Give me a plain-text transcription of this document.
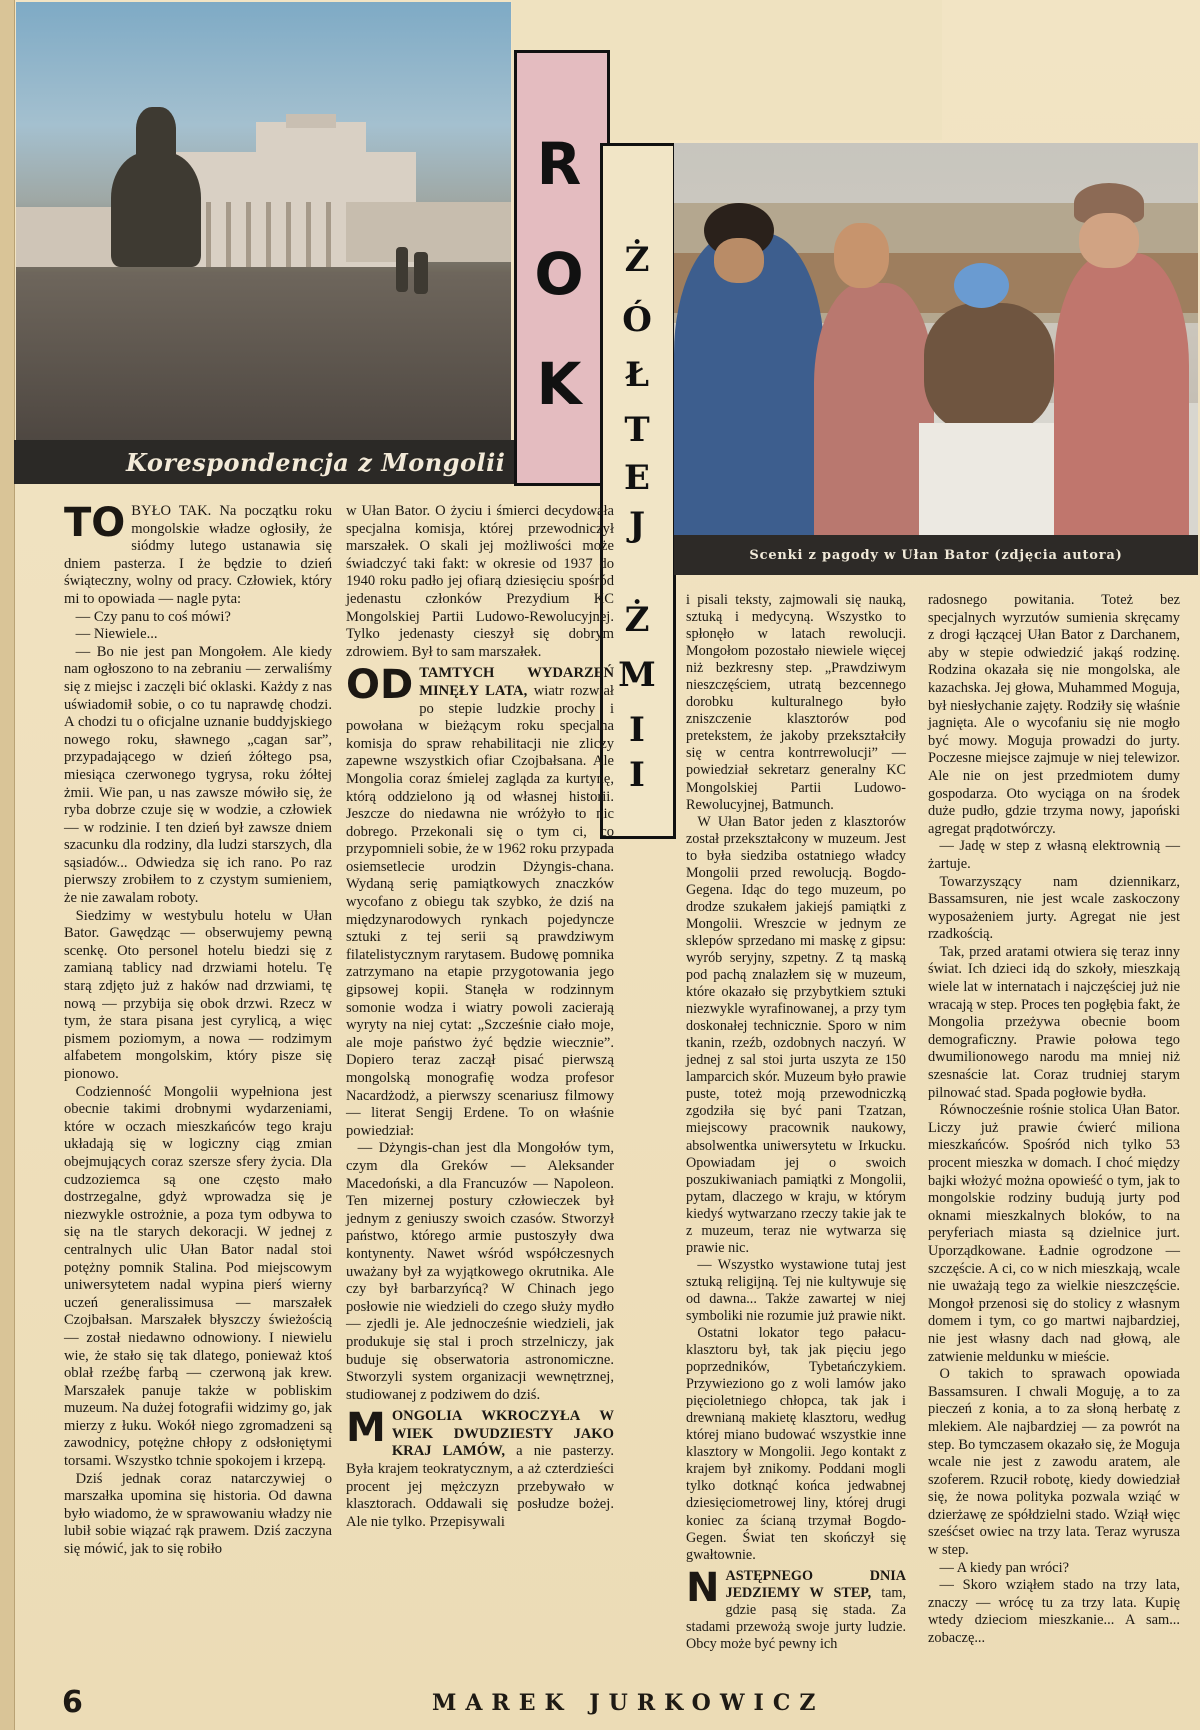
Korespondencja z Mongolii
R
O
K
Ż
Ó
Ł
T
E
J
Ż
M
I
I
Scenki z pagody w Ułan Bator (zdjęcia autora)

TO BYŁO TAK. Na początku roku mongolskie władze ogłosiły, że siódmy lutego ustanawia się dniem pasterza. I że będzie to dzień świąteczny, wolny od pracy. Człowiek, który mi to opowiada — nagle pyta:

— Czy panu to coś mówi?

— Niewiele...

— Bo nie jest pan Mongołem. Ale kiedy nam ogłoszono to na zebraniu — zerwaliśmy się z miejsc i zaczęli bić oklaski. Każdy z nas uświadomił sobie, o co tu naprawdę chodzi. A chodzi tu o oficjalne uznanie buddyjskiego nowego roku, sławnego „cagan sar”, przypadającego w dzień żółtego psa, miesiąca czerwonego tygrysa, roku żółtej żmii. Wie pan, u nas zawsze mówiło się, że ryba dobrze czuje się w wodzie, a człowiek — w rodzinie. I ten dzień był zawsze dniem szacunku dla rodziny, dla ludzi starszych, dla sąsiadów... Odwiedza się ich rano. Po raz pierwszy zrobiłem to z czystym sumieniem, że nie zawalam roboty.

Siedzimy w westybulu hotelu w Ułan Bator. Gawędząc — obserwujemy pewną scenkę. Oto personel hotelu biedzi się z zamianą tablicy nad drzwiami hotelu. Tę starą zdjęto już z haków nad drzwiami, tę nową — przybija się obok drzwi. Rzecz w tym, że stara pisana jest cyrylicą, a więc pismem poziomym, a nowa — rodzimym alfabetem mongolskim, który pisze się pionowo.

Codzienność Mongolii wypełniona jest obecnie takimi drobnymi wydarzeniami, które w oczach mieszkańców tego kraju układają się w logiczny ciąg zmian obejmujących coraz szersze sfery życia. Dla cudzoziemca są one często mało dostrzegalne, gdyż wprowadza się je niezwykle ostrożnie, a poza tym odbywa to się na tle starych dekoracji. W jednej z centralnych ulic Ułan Bator nadal stoi potężny pomnik Stalina. Pod miejscowym uniwersytetem nadal wypina pierś wierny uczeń generalissimusa — marszałek Czojbałsan. Marszałek błyszczy świeżością — został niedawno odnowiony. I niewielu wie, że stało się tak dlatego, ponieważ ktoś oblał rzeźbę farbą — czerwoną jak krew. Marszałek panuje także w pobliskim muzeum. Na dużej fotografii widzimy go, jak mierzy z łuku. Wokół niego zgromadzeni są zawodnicy, potężne chłopy z odsłoniętymi torsami. Wszystko tchnie spokojem i krzepą.

Dziś jednak coraz natarczywiej o marszałka upomina się historia. Od dawna było wiadomo, że w sprawowaniu władzy nie lubił sobie wiązać rąk prawem. Dziś zaczyna się mówić, jak to się robiło

w Ułan Bator. O życiu i śmierci decydowała specjalna komisja, której przewodniczył marszałek. O skali jej możliwości może świadczyć taki fakt: w okresie od 1937 do 1940 roku padło jej ofiarą dziesięciu spośród jedenastu członków Prezydium KC Mongolskiej Partii Ludowo-Rewolucyjnej. Tylko jedenasty cieszył się dobrym zdrowiem. Był to sam marszałek.

OD TAMTYCH WYDARZEŃ MINĘŁY LATA, wiatr rozwiał po stepie ludzkie prochy i powołana w bieżącym roku specjalna komisja do spraw rehabilitacji nie zliczy zapewne wszystkich ofiar Czojbałsana. Ale Mongolia coraz śmielej zagląda za kurtynę, którą oddzielono ją od własnej historii. Jeszcze do niedawna nie wróżyło to nic dobrego. Przekonali się o tym ci, co przypomnieli sobie, że w 1962 roku przypada osiemsetlecie urodzin Dżyngis-chana. Wydaną serię pamiątkowych znaczków wycofano z obiegu tak szybko, że dziś na międzynarodowych rynkach pojedyncze sztuki z tej serii są prawdziwym filatelistycznym rarytasem. Budowę pomnika zatrzymano na etapie przygotowania jego gipsowej kopii. Stanęła w rodzinnym somonie wodza i wiatry powoli zacierają wyryty na niej cytat: „Szcześnie ciało moje, ale moje państwo żyć będzie wiecznie”. Dopiero teraz zaczął pisać pierwszą mongolską monografię wodza profesor Nacardżodż, a pierwszy scenariusz filmowy — literat Sengij Erdene. To on właśnie powiedział:

— Dżyngis-chan jest dla Mongołów tym, czym dla Greków — Aleksander Macedoński, a dla Francuzów — Napoleon. Ten mizernej postury człowieczek był jednym z geniuszy swoich czasów. Stworzył państwo, którego armie pustoszyły dwa kontynenty. Nawet wśród współczesnych uważany był za wyjątkowego okrutnika. Ale czy był barbarzyńcą? W Chinach jego posłowie nie wiedzieli do czego służy mydło — zjedli je. Ale jednocześnie wiedzieli, jak produkuje się stal i proch strzelniczy, jak buduje się obserwatoria astronomiczne. Stworzyli system organizacji wewnętrznej, studiowanej z podziwem do dziś.

MONGOLIA WKROCZYŁA W WIEK DWUDZIESTY JAKO KRAJ LAMÓW, a nie pasterzy. Była krajem teokratycznym, a aż czterdzieści procent jej mężczyzn przebywało w klasztorach. Oddawali się posłudze bożej. Ale nie tylko. Przepisywali

i pisali teksty, zajmowali się nauką, sztuką i medycyną. Wszystko to spłonęło w latach rewolucji. Mongołom pozostało niewiele więcej niż bezkresny step. „Prawdziwym nieszczęściem, utratą bezcennego dorobku kulturalnego było zniszczenie klasztorów pod pretekstem, że jakoby przekształciły się w centra kontrrewolucji” — powiedział sekretarz generalny KC Mongolskiej Partii Ludowo-Rewolucyjnej, Batmunch.

W Ułan Bator jeden z klasztorów został przekształcony w muzeum. Jest to była siedziba ostatniego władcy Mongolii przed rewolucją. Bogdo-Gegena. Idąc do tego muzeum, po drodze szukałem jakiejś pamiątki z Mongolii. Wreszcie w jednym ze sklepów sprzedano mi maskę z gipsu: wyrób seryjny, szpetny. Z tą maską pod pachą znalazłem się w muzeum, które okazało się przybytkiem sztuki niezwykle wyrafinowanej, a przy tym doskonałej technicznie. Sporo w nim tkanin, rzeźb, ozdobnych naczyń. W jednej z sal stoi jurta uszyta ze 150 lamparcich skór. Muzeum było prawie puste, toteż moją przewodniczką zgodziła się być pani Tzatzan, miejscowy pracownik naukowy, absolwentka uniwersytetu w Irkucku. Opowiadam jej o swoich poszukiwaniach pamiątki z Mongolii, pytam, dlaczego w kraju, w którym kiedyś wytwarzano rzeczy takie jak te z muzeum, teraz nie wytwarza się prawie nic.

— Wszystko wystawione tutaj jest sztuką religijną. Tej nie kultywuje się od dawna... Także zawartej w niej symboliki nie rozumie już prawie nikt.

Ostatni lokator tego pałacu-klasztoru był, tak jak pięciu jego poprzedników, Tybetańczykiem. Przywieziono go z woli lamów jako pięcioletniego chłopca, tak jak i drewnianą makietę klasztoru, według której miano budować wszystkie inne klasztory w Mongolii. Jego kontakt z krajem był znikomy. Poddani mogli tylko dotknąć końca jedwabnej dziesięciometrowej liny, której drugi koniec za ścianą trzymał Bogdo-Gegen. Świat ten skończył się gwałtownie.

NASTĘPNEGO DNIA JEDZIEMY W STEP, tam, gdzie pasą się stada. Za stadami przewożą swoje jurty ludzie. Obcy może być pewny ich

radosnego powitania. Toteż bez specjalnych wyrzutów sumienia skręcamy z drogi łączącej Ułan Bator z Darchanem, aby w stepie odwiedzić jakąś rodzinę. Rodzina okazała się nie mongolska, ale kazachska. Jej głowa, Muhammed Moguja, był niesłychanie zajęty. Rodziły się właśnie jagnięta. Ale o wycofaniu się nie mogło być mowy. Moguja prowadzi do jurty. Poczesne miejsce zajmuje w niej telewizor. Ale nie on jest przedmiotem dumy gospodarza. Oto wyciąga on na środek duże pudło, gdzie trzyma nowy, japoński agregat prądotwórczy.

— Jadę w step z własną elektrownią — żartuje.

Towarzyszący nam dziennikarz, Bassamsuren, nie jest wcale zaskoczony wyposażeniem jurty. Agregat nie jest rzadkością.

Tak, przed aratami otwiera się teraz inny świat. Ich dzieci idą do szkoły, mieszkają wiele lat w internatach i najczęściej już nie wracają w step. Proces ten pogłębia fakt, że Mongolia przeżywa obecnie boom demograficzny. Prawie połowa tego dwumilionowego narodu ma mniej niż szesnaście lat. Coraz trudniej starym pilnować stad. Spada pogłowie bydła.

Równocześnie rośnie stolica Ułan Bator. Liczy już prawie ćwierć miliona mieszkańców. Spośród nich tylko 53 procent mieszka w domach. I choć między bajki włożyć można opowieść o tym, jak to mongolskie rodziny budują jurty pod oknami mieszkalnych bloków, to na peryferiach miasta są dzielnice jurt. Uporządkowane. Ładnie ogrodzone — szczęście. A ci, co w nich mieszkają, wcale nie uważają tego za wielkie nieszczęście. Mongoł przenosi się do stolicy z własnym domem i tym, co go martwi najbardziej, nie jest własny dach nad głową, ale zatwienie meldunku w mieście.

O takich to sprawach opowiada Bassamsuren. I chwali Moguję, a to za pieczeń z konia, a to za słoną herbatę z mlekiem. Ale najbardziej — za powrót na step. Bo tymczasem okazało się, że Moguja wcale nie jest z zawodu aratem, ale szoferem. Rzucił robotę, kiedy dowiedział się, że nowa polityka pozwala wziąć w dzierżawę ze spółdzielni stado. Wziął więc sześćset owiec na trzy lata. Teraz wyrusza w step.

— A kiedy pan wróci?

— Skoro wziąłem stado na trzy lata, znaczy — wrócę tu za trzy lata. Kupię wtedy dzieciom mieszkanie... A sam... zobaczę...

6	MAREK JURKOWICZ
